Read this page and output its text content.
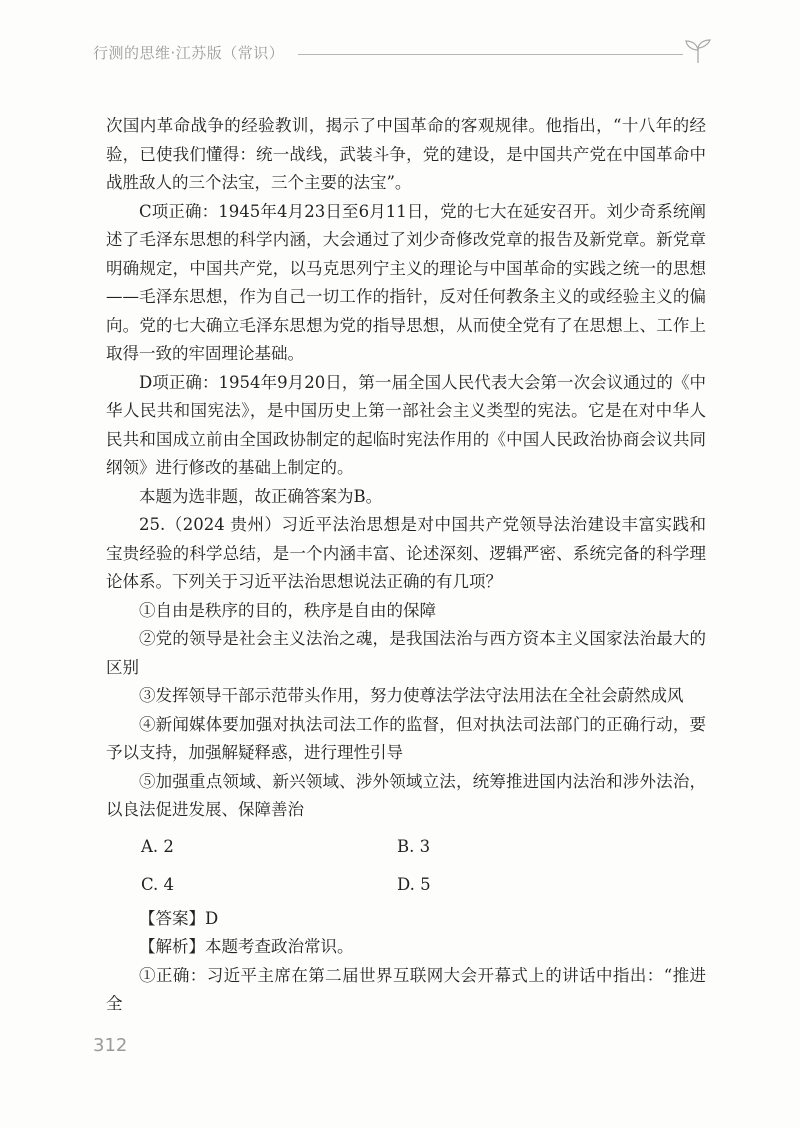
行测的思维·江苏版（常识）

次国内革命战争的经验教训，揭示了中国革命的客观规律。他指出，“十八年的经验，已使我们懂得：统一战线，武装斗争，党的建设，是中国共产党在中国革命中战胜敌人的三个法宝，三个主要的法宝”。

C项正确：1945年4月23日至6月11日，党的七大在延安召开。刘少奇系统阐述了毛泽东思想的科学内涵，大会通过了刘少奇修改党章的报告及新党章。新党章明确规定，中国共产党，以马克思列宁主义的理论与中国革命的实践之统一的思想——毛泽东思想，作为自己一切工作的指针，反对任何教条主义的或经验主义的偏向。党的七大确立毛泽东思想为党的指导思想，从而使全党有了在思想上、工作上取得一致的牢固理论基础。

D项正确：1954年9月20日，第一届全国人民代表大会第一次会议通过的《中华人民共和国宪法》，是中国历史上第一部社会主义类型的宪法。它是在对中华人民共和国成立前由全国政协制定的起临时宪法作用的《中国人民政治协商会议共同纲领》进行修改的基础上制定的。

本题为选非题，故正确答案为B。

25.（2024 贵州）习近平法治思想是对中国共产党领导法治建设丰富实践和宝贵经验的科学总结，是一个内涵丰富、论述深刻、逻辑严密、系统完备的科学理论体系。下列关于习近平法治思想说法正确的有几项？

①自由是秩序的目的，秩序是自由的保障

②党的领导是社会主义法治之魂，是我国法治与西方资本主义国家法治最大的区别

③发挥领导干部示范带头作用，努力使尊法学法守法用法在全社会蔚然成风

④新闻媒体要加强对执法司法工作的监督，但对执法司法部门的正确行动，要予以支持，加强解疑释惑，进行理性引导

⑤加强重点领域、新兴领域、涉外领域立法，统筹推进国内法治和涉外法治，以良法促进发展、保障善治

A. 2	B. 3
C. 4	D. 5

【答案】D

【解析】本题考查政治常识。

①正确：习近平主席在第二届世界互联网大会开幕式上的讲话中指出：“推进全

312
